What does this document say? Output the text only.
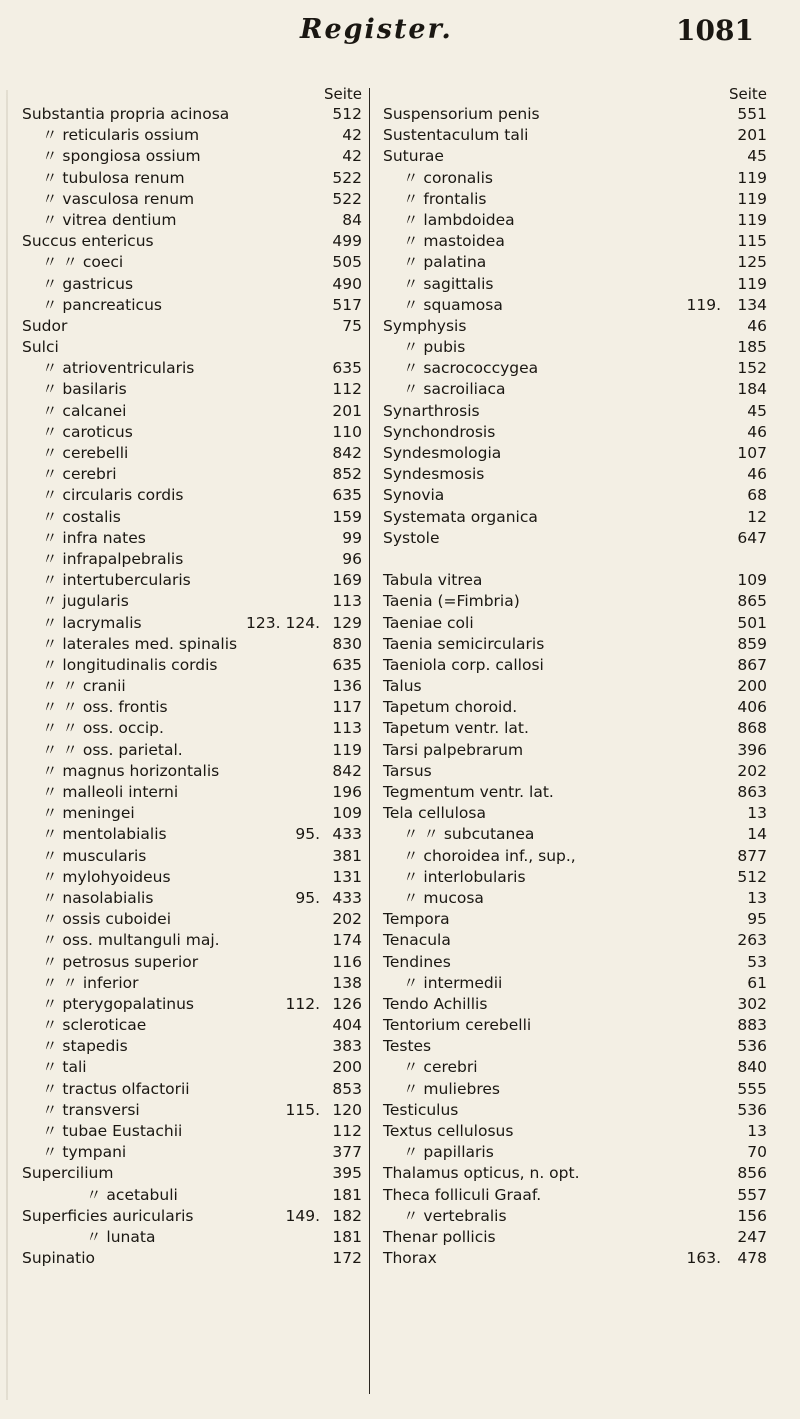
Register.	1081
Seite
Substantia propria acinosa	512
〃 reticularis ossium	42
〃 spongiosa ossium	42
〃 tubulosa renum	522
〃 vasculosa renum	522
〃 vitrea dentium	84
Succus entericus	499
〃 〃 coeci	505
〃 gastricus	490
〃 pancreaticus	517
Sudor	75
Sulci
〃 atrioventricularis	635
〃 basilaris	112
〃 calcanei	201
〃 caroticus	110
〃 cerebelli	842
〃 cerebri	852
〃 circularis cordis	635
〃 costalis	159
〃 infra nates	99
〃 infrapalpebralis	96
〃 intertubercularis	169
〃 jugularis	113
〃 lacrymalis	123. 124. 129
〃 laterales med. spinalis	830
〃 longitudinalis cordis	635
〃 〃 cranii	136
〃 〃 oss. frontis	117
〃 〃 oss. occip.	113
〃 〃 oss. parietal.	119
〃 magnus horizontalis	842
〃 malleoli interni	196
〃 meningei	109
〃 mentolabialis	95. 433
〃 muscularis	381
〃 mylohyoideus	131
〃 nasolabialis	95. 433
〃 ossis cuboidei	202
〃 oss. multanguli maj.	174
〃 petrosus superior	116
〃 〃 inferior	138
〃 pterygopalatinus	112. 126
〃 scleroticae	404
〃 stapedis	383
〃 tali	200
〃 tractus olfactorii	853
〃 transversi	115. 120
〃 tubae Eustachii	112
〃 tympani	377
Supercilium	395
〃 acetabuli	181
Superficies auricularis	149. 182
〃 lunata	181
Supinatio	172
Seite
Suspensorium penis	551
Sustentaculum tali	201
Suturae	45
〃 coronalis	119
〃 frontalis	119
〃 lambdoidea	119
〃 mastoidea	115
〃 palatina	125
〃 sagittalis	119
〃 squamosa	119. 134
Symphysis	46
〃 pubis	185
〃 sacrococcygea	152
〃 sacroiliaca	184
Synarthrosis	45
Synchondrosis	46
Syndesmologia	107
Syndesmosis	46
Synovia	68
Systemata organica	12
Systole	647
Tabula vitrea	109
Taenia (=Fimbria)	865
Taeniae coli	501
Taenia semicircularis	859
Taeniola corp. callosi	867
Talus	200
Tapetum choroid.	406
Tapetum ventr. lat.	868
Tarsi palpebrarum	396
Tarsus	202
Tegmentum ventr. lat.	863
Tela cellulosa	13
〃 〃 subcutanea	14
〃 choroidea inf., sup.,	877
〃 interlobularis	512
〃 mucosa	13
Tempora	95
Tenacula	263
Tendines	53
〃 intermedii	61
Tendo Achillis	302
Tentorium cerebelli	883
Testes	536
〃 cerebri	840
〃 muliebres	555
Testiculus	536
Textus cellulosus	13
〃 papillaris	70
Thalamus opticus, n. opt.	856
Theca folliculi Graaf.	557
〃 vertebralis	156
Thenar pollicis	247
Thorax	163. 478
